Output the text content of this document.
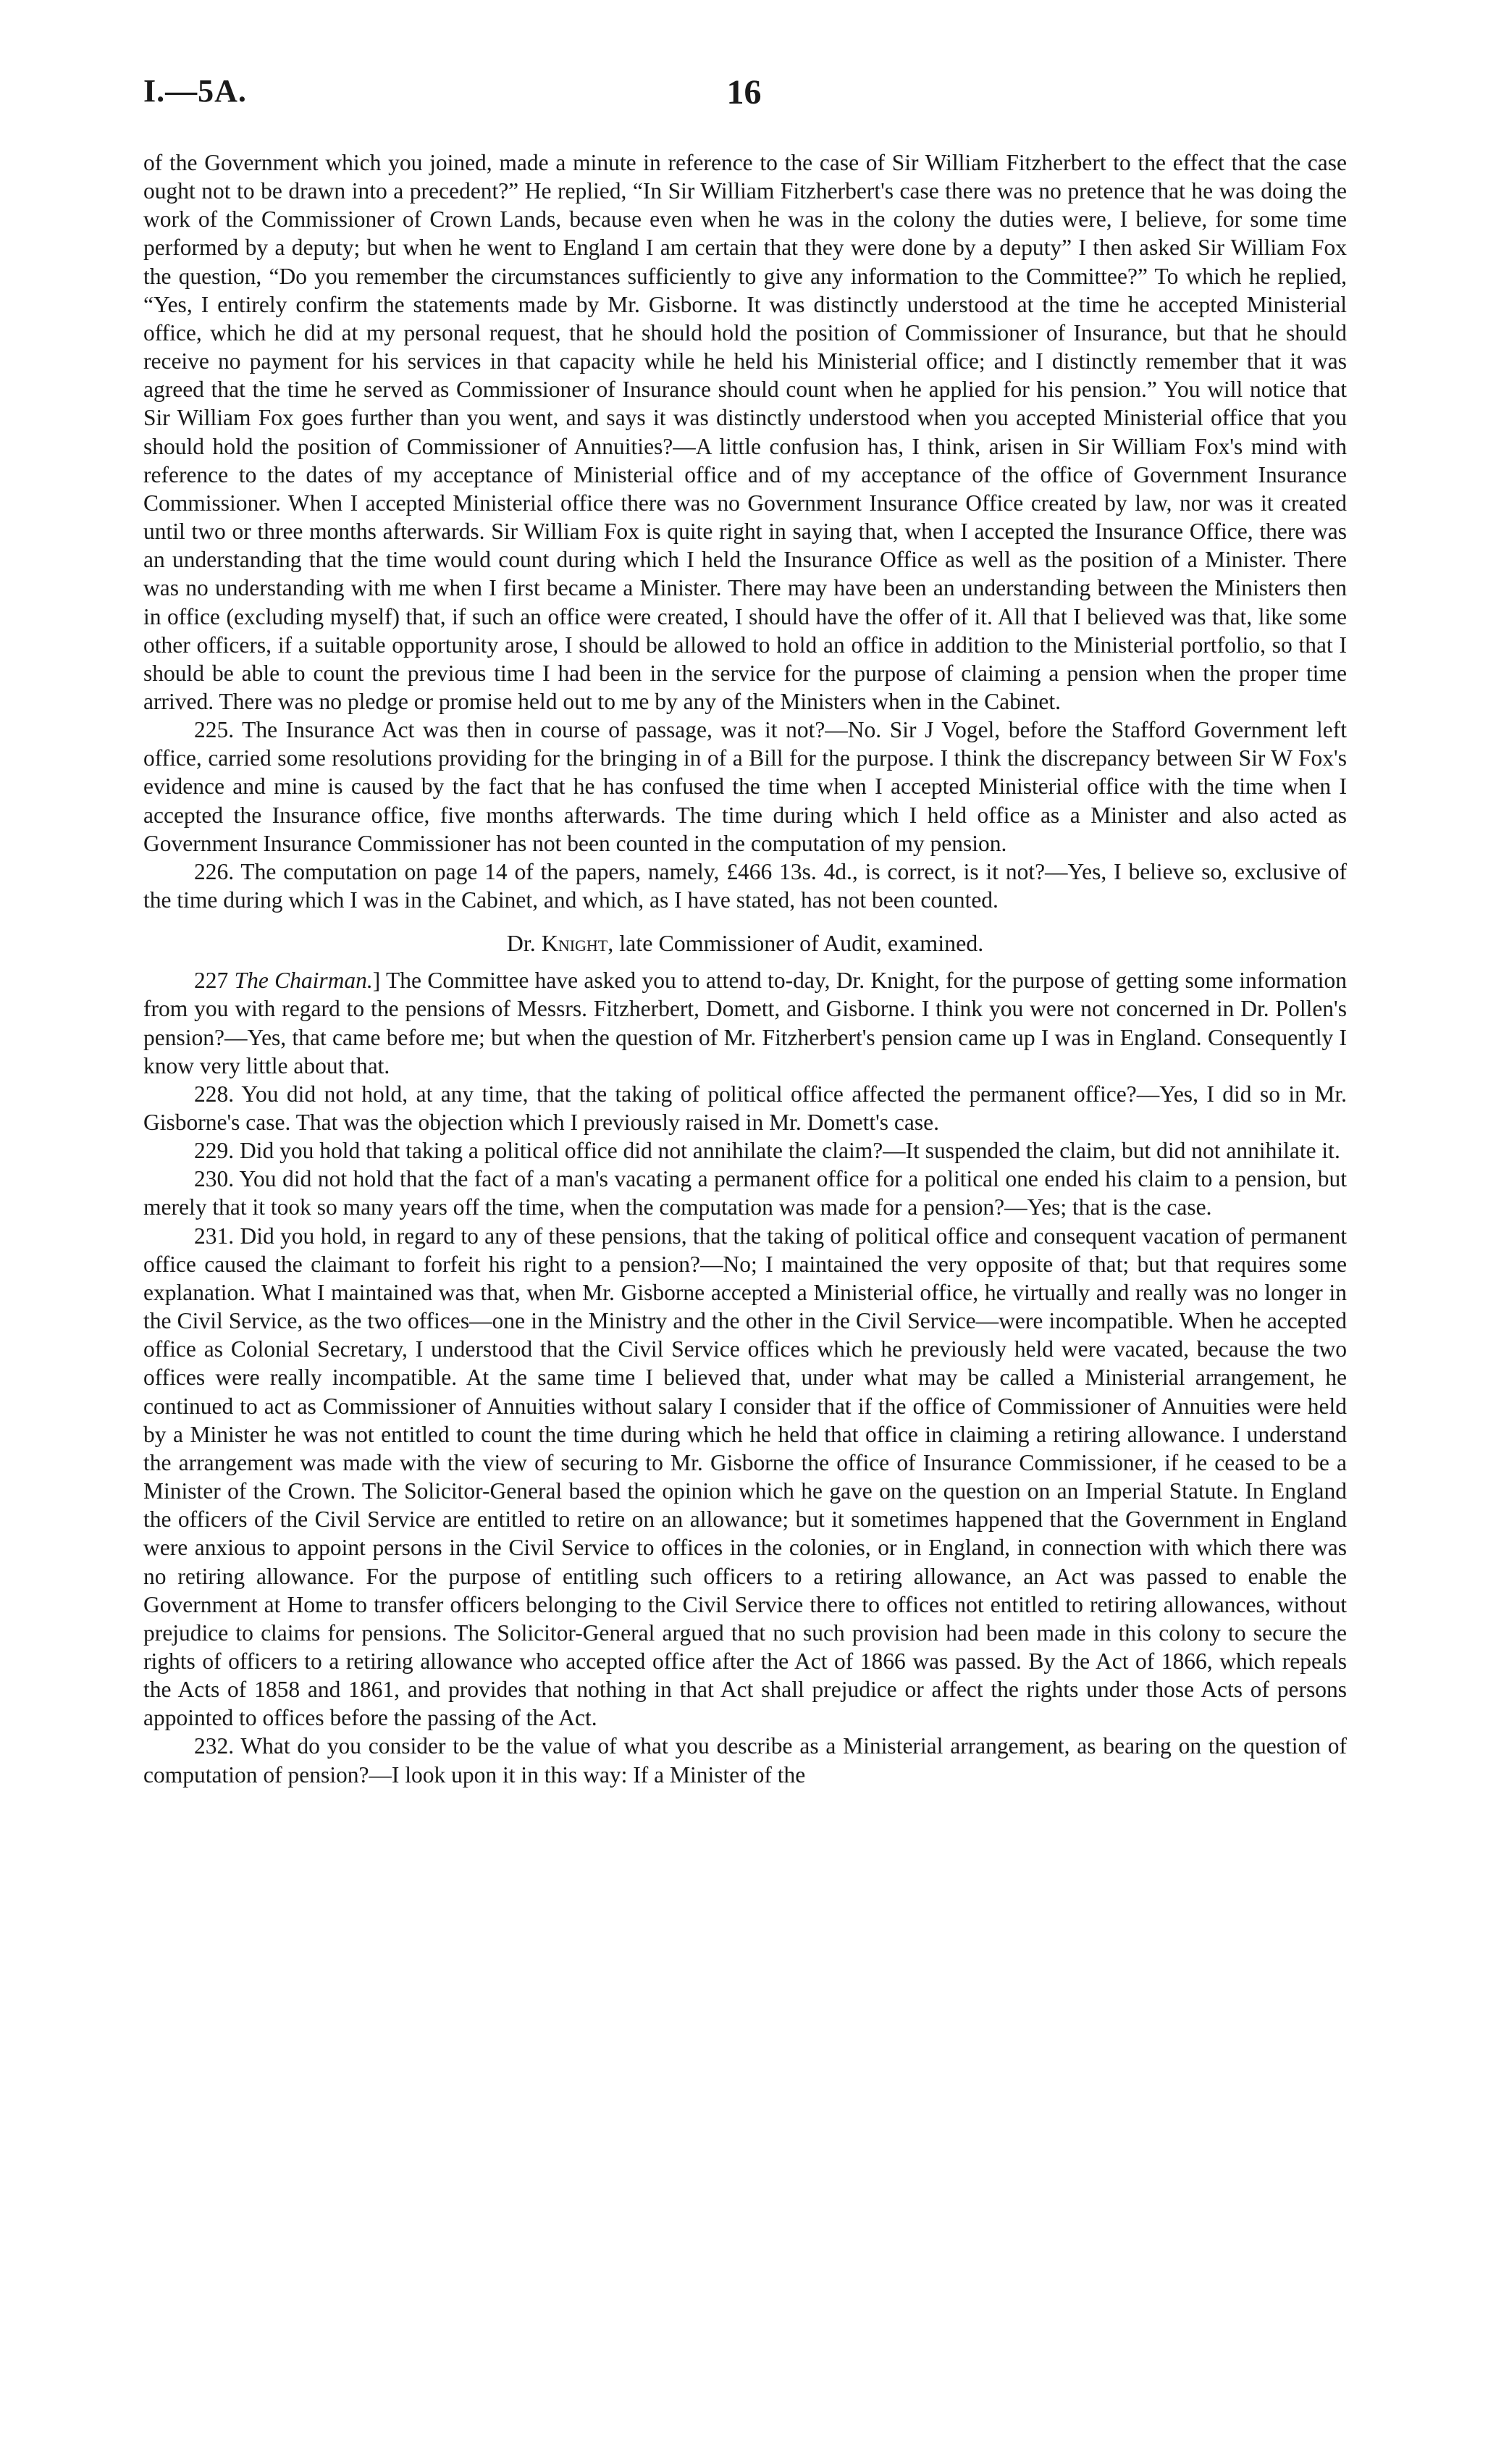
I.—5A.	16

of the Government which you joined, made a minute in reference to the case of Sir William Fitzherbert to the effect that the case ought not to be drawn into a precedent?” He replied, “In Sir William Fitzherbert's case there was no pretence that he was doing the work of the Commissioner of Crown Lands, because even when he was in the colony the duties were, I believe, for some time performed by a deputy; but when he went to England I am certain that they were done by a deputy” I then asked Sir William Fox the question, “Do you remember the circumstances sufficiently to give any information to the Committee?” To which he replied, “Yes, I entirely confirm the statements made by Mr. Gisborne. It was distinctly understood at the time he accepted Ministerial office, which he did at my personal request, that he should hold the position of Commissioner of Insurance, but that he should receive no payment for his services in that capacity while he held his Ministerial office; and I distinctly remember that it was agreed that the time he served as Commissioner of Insurance should count when he applied for his pension.” You will notice that Sir William Fox goes further than you went, and says it was distinctly understood when you accepted Ministerial office that you should hold the position of Commissioner of Annuities?—A little confusion has, I think, arisen in Sir William Fox's mind with reference to the dates of my acceptance of Ministerial office and of my acceptance of the office of Government Insurance Commissioner. When I accepted Ministerial office there was no Government Insurance Office created by law, nor was it created until two or three months afterwards. Sir William Fox is quite right in saying that, when I accepted the Insurance Office, there was an understanding that the time would count during which I held the Insurance Office as well as the position of a Minister. There was no understanding with me when I first became a Minister. There may have been an understanding between the Ministers then in office (excluding myself) that, if such an office were created, I should have the offer of it. All that I believed was that, like some other officers, if a suitable opportunity arose, I should be allowed to hold an office in addition to the Ministerial portfolio, so that I should be able to count the previous time I had been in the service for the purpose of claiming a pension when the proper time arrived. There was no pledge or promise held out to me by any of the Ministers when in the Cabinet.

225. The Insurance Act was then in course of passage, was it not?—No. Sir J Vogel, before the Stafford Government left office, carried some resolutions providing for the bringing in of a Bill for the purpose. I think the discrepancy between Sir W Fox's evidence and mine is caused by the fact that he has confused the time when I accepted Ministerial office with the time when I accepted the Insurance office, five months afterwards. The time during which I held office as a Minister and also acted as Government Insurance Commissioner has not been counted in the computation of my pension.

226. The computation on page 14 of the papers, namely, £466 13s. 4d., is correct, is it not?—Yes, I believe so, exclusive of the time during which I was in the Cabinet, and which, as I have stated, has not been counted.

Dr. Knight, late Commissioner of Audit, examined.

227 The Chairman.] The Committee have asked you to attend to-day, Dr. Knight, for the purpose of getting some information from you with regard to the pensions of Messrs. Fitzherbert, Domett, and Gisborne. I think you were not concerned in Dr. Pollen's pension?—Yes, that came before me; but when the question of Mr. Fitzherbert's pension came up I was in England. Consequently I know very little about that.

228. You did not hold, at any time, that the taking of political office affected the permanent office?—Yes, I did so in Mr. Gisborne's case. That was the objection which I previously raised in Mr. Domett's case.

229. Did you hold that taking a political office did not annihilate the claim?—It suspended the claim, but did not annihilate it.

230. You did not hold that the fact of a man's vacating a permanent office for a political one ended his claim to a pension, but merely that it took so many years off the time, when the computation was made for a pension?—Yes; that is the case.

231. Did you hold, in regard to any of these pensions, that the taking of political office and consequent vacation of permanent office caused the claimant to forfeit his right to a pension?—No; I maintained the very opposite of that; but that requires some explanation. What I maintained was that, when Mr. Gisborne accepted a Ministerial office, he virtually and really was no longer in the Civil Service, as the two offices—one in the Ministry and the other in the Civil Service—were incompatible. When he accepted office as Colonial Secretary, I understood that the Civil Service offices which he previously held were vacated, because the two offices were really incompatible. At the same time I believed that, under what may be called a Ministerial arrangement, he continued to act as Commissioner of Annuities without salary I consider that if the office of Commissioner of Annuities were held by a Minister he was not entitled to count the time during which he held that office in claiming a retiring allowance. I understand the arrangement was made with the view of securing to Mr. Gisborne the office of Insurance Commissioner, if he ceased to be a Minister of the Crown. The Solicitor-General based the opinion which he gave on the question on an Imperial Statute. In England the officers of the Civil Service are entitled to retire on an allowance; but it sometimes happened that the Government in England were anxious to appoint persons in the Civil Service to offices in the colonies, or in England, in connection with which there was no retiring allowance. For the purpose of entitling such officers to a retiring allowance, an Act was passed to enable the Government at Home to transfer officers belonging to the Civil Service there to offices not entitled to retiring allowances, without prejudice to claims for pensions. The Solicitor-General argued that no such provision had been made in this colony to secure the rights of officers to a retiring allowance who accepted office after the Act of 1866 was passed. By the Act of 1866, which repeals the Acts of 1858 and 1861, and provides that nothing in that Act shall prejudice or affect the rights under those Acts of persons appointed to offices before the passing of the Act.

232. What do you consider to be the value of what you describe as a Ministerial arrangement, as bearing on the question of computation of pension?—I look upon it in this way: If a Minister of the
